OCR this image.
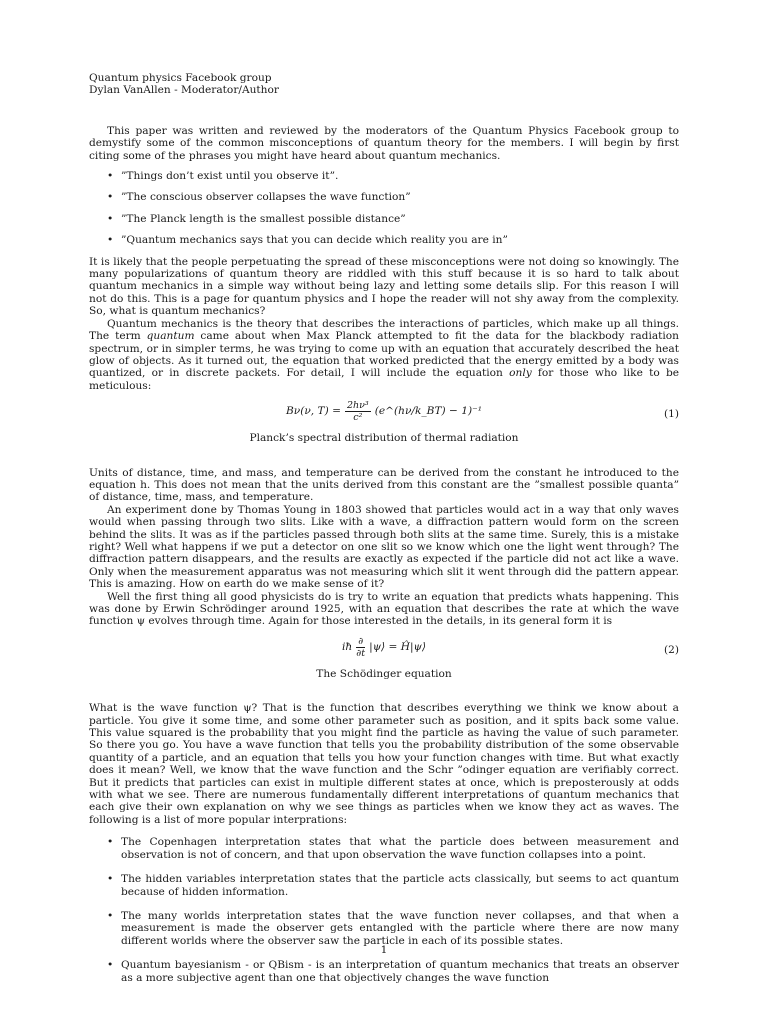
Quantum physics Facebook group
Dylan VanAllen - Moderator/Author

This paper was written and reviewed by the moderators of the Quantum Physics Facebook group to demystify some of the common misconceptions of quantum theory for the members. I will begin by first citing some of the phrases you might have heard about quantum mechanics.

• ”Things don’t exist until you observe it”.
• ”The conscious observer collapses the wave function”
• ”The Planck length is the smallest possible distance”
• ”Quantum mechanics says that you can decide which reality you are in”

It is likely that the people perpetuating the spread of these misconceptions were not doing so knowingly. The many popularizations of quantum theory are riddled with this stuff because it is so hard to talk about quantum mechanics in a simple way without being lazy and letting some details slip. For this reason I will not do this. This is a page for quantum physics and I hope the reader will not shy away from the complexity. So, what is quantum mechanics?

Quantum mechanics is the theory that describes the interactions of particles, which make up all things. The term quantum came about when Max Planck attempted to fit the data for the blackbody radiation spectrum, or in simpler terms, he was trying to come up with an equation that accurately described the heat glow of objects. As it turned out, the equation that worked predicted that the energy emitted by a body was quantized, or in discrete packets. For detail, I will include the equation only for those who like to be meticulous:

Bν(ν, $T) = \frac{\text{2hν³}}{\text{c²}}$ (e^(hν/k_BT) − 1)⁻¹	(1)
Planck’s spectral distribution of thermal radiation

Units of distance, time, and mass, and temperature can be derived from the constant he introduced to the equation h. This does not mean that the units derived from this constant are the ”smallest possible quanta” of distance, time, mass, and temperature.

An experiment done by Thomas Young in 1803 showed that particles would act in a way that only waves would when passing through two slits. Like with a wave, a diffraction pattern would form on the screen behind the slits. It was as if the particles passed through both slits at the same time. Surely, this is a mistake right? Well what happens if we put a detector on one slit so we know which one the light went through? The diffraction pattern disappears, and the results are exactly as expected if the particle did not act like a wave. Only when the measurement apparatus was not measuring which slit it went through did the pattern appear. This is amazing. How on earth do we make sense of it?

Well the first thing all good physicists do is try to write an equation that predicts whats happening. This was done by Erwin Schrödinger around 1925, with an equation that describes the rate at which the wave function ψ evolves through time. Again for those interested in the details, in its general form it is

iħ $\frac{\partial}{\partial t}$ |ψ⟩ = Ĥ|ψ⟩	(2)
The Schödinger equation

What is the wave function ψ? That is the function that describes everything we think we know about a particle. You give it some time, and some other parameter such as position, and it spits back some value. This value squared is the probability that you might find the particle as having the value of such parameter. So there you go. You have a wave function that tells you the probability distribution of the some observable quantity of a particle, and an equation that tells you how your function changes with time. But what exactly does it mean? Well, we know that the wave function and the Schr ”odinger equation are verifiably correct. But it predicts that particles can exist in multiple different states at once, which is preposterously at odds with what we see. There are numerous fundamentally different interpretations of quantum mechanics that each give their own explanation on why we see things as particles when we know they act as waves. The following is a list of more popular interprations:

• The Copenhagen interpretation states that what the particle does between measurement and observation is not of concern, and that upon observation the wave function collapses into a point.
• The hidden variables interpretation states that the particle acts classically, but seems to act quantum because of hidden information.
• The many worlds interpretation states that the wave function never collapses, and that when a measurement is made the observer gets entangled with the particle where there are now many different worlds where the observer saw the particle in each of its possible states.
• Quantum bayesianism - or QBism - is an interpretation of quantum mechanics that treats an observer as a more subjective agent than one that objectively changes the wave function
1
